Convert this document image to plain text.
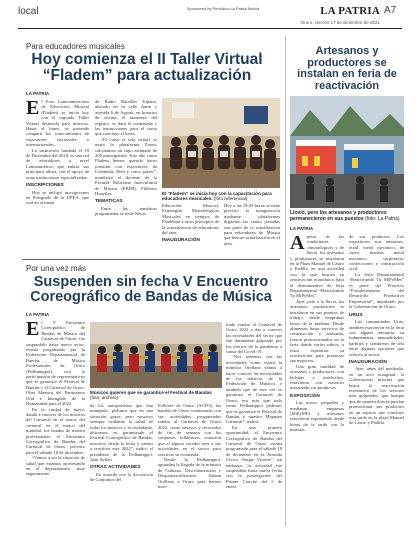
local	Sponsored by Periódico La Patria Bolivia	LA PATRIA A7
Oruro, viernes 17 de diciembre de 2021
Para educadores musicales
Hoy comienza el II Taller Virtual
“Fladem” para actualización
LA PATRIA
E l Foro Latinoamericano de Educación Musical (Fladem) se inicia hoy con el segundo Taller Virtual destinado para músicos. Hasta el lunes, se pretende comparti los conocimientos de expositores nacionales e internacionales.

La institución fundada el 18 de Diciembre del 2018, es una red de educadores a nivel Latinoamérica, que enlaza sus principios ahora, con el apoyo de otras instituciones especializadas.

INSCRIPCIONES

Hoy se incluyó inscripciones en Postgrado de la UPEA, que está en oficinas

de Radio Batallón Topater, ubicado en la calle Junín y avenida 6 de Agosto, en horarios de oficina, el momento del registro, se dará la contraseña y las instrucciones para el curso que concluye el lunes.

“El curso es solo virtual, se usará la plataforma Zoom, calculamos un cupo estimado de 200 participantes. Este año como Fladem hemos querido hacer jornadas con expositores de Colombia, Perú y otros países”, manifestó el docente de la Escuela Boliviana Intercultural de Música (EBIM), Filiberto Huayllas.

TEMATICAS

Entre las temáticas programadas se tiene Neuro

El “Fladem” se inicia hoy con la capacitación para educadores musicales. (foto referencial)

Educación Musical, Estrategias Metodológicas Musicales en tiempos de Pandemia y otros principios de la actualización de educadores del área.

INAUGURACIÓN

Hoy a las 18:45 horas se tiene previsto la inauguración mediante plataformas digitales, las cuatro jornadas son parte de la actualización para educadores de Música que buscan actualización en el área.

Por una vez más
Suspenden sin fecha V Encuentro
Coreográfico de Bandas de Música
LA PATRIA
E l V Encuentro Coreográfico de Bandas de Música del Carnaval de Oruro, fue suspendido hasta nuevo aviso, evento programado por la Federación Departamental de Bandas de Música Profesionales de Oruro (Fedbamppol), con la participación de representativos que se garantice el Festival de Bandas y el Carnaval de Oruro, Obra Maestra del Patrimonio Oral e Intangible de la Humanidad para el 2022.

En la ciudad de mayo, dando a conocer de los musicos del Carnaval en el marco del carnaval en el marco del mundial, los bandas de música profesionales el Encuentro Coreográfico de Bandas del Carnaval de Oruro, previsto para el sábado 18 de diciembre.

“Vamos a ver la situación de salud que estamos atravesando en el departamento, muy seguramente

Músicos quieren que se garantice el Festival de Bandas (foto: archivo)

de los transportistas que han manejado, pedimos que en una situación grave, pero nosotros siempre cuidando la salud de todos los músicos y la ciudadanía, ubicarnos en garantizado el Festival Coreográfico de Bandas, nosotros, desde la fecha y vamos a reactivar este 2022”, indicó el presidente de la Fedbamppol, Juan Ayllón.

OTRAS ACTIVIDADES

En acuerdo con la Asociación de Conjuntos del

Folklore de Oruro (ACFO), las bandas de Oruro continuarán con sus actividades programadas rumbo al Carnaval de Oruro 2022, como ensayos y recorridos de fin de semana con los conjuntos folklóricos, situación que el alguno sucedió ayer a sus actividades en el sector para reactivar su economía.

Desde la Fedbamppol, aguardan la llegada de la ministra de Culturas, Descolonización y Despatriarcalización, Sabina Orellana a Oruro para hemos mos-

trado rumbo al Carnaval de Oruro 2022 y dar a conocer las necesidades del sector que fue duramente golpeado por los efectos de la pandemia a causa del Covid-19.

“Nos tenemos con las actividades como estará la ministra Orellana vamos a hacer conocer las necesidades de los músicos de la Federación de Músicos y también que de esta vez se garantiza el Carnaval de Oruro, eso más que todo como Fedbamppol pedimos que se garantice el Festival de Bandas y nuestro Mágnum Carnaval”, indicó.

En una primera oportunidad, el Encuentro Coreográfico de Bandas del Carnaval de Oruro estaba programado para el sábado 18 de diciembre en la Avenida Cívica “Sergio Vicente”, sin embargo, la actividad fue suspendida hasta nueva fecha con la postergación del Primer Convite del 5 de enero.

Artesanos y productores se instalan en feria de reactivación
Llovió, pero los artesanos y productores permanecieron en sus puestos (foto: La Patria)
LA PATRIA
A pesar de las condiciones climatológicas y de lluvia, los artesanos y productores se instalaron en la Plaza Manuel de Castro y Padilla, en una actividad con la que buscan su reactivación económica, bajo el denominativo de feria Departamental “Reactivando Tu MiPyMes”.

Ayer, pese a la lluvia, los artesanos, productores se instalaron en sus puestos de trabajo, desde tempranas horas de la mañana. Desde alimentos hasta servicios de construcción y artesanía, fueron promocionados en la feria donde varios rubros, a estos esperaron su reactivación para potenciar sus negocios.

Una gran cantidad de artesanos y productores, con bolsitas y tirachiches, estuvieron con nosotros mostrando sus productos.

EXPOSICIÓN

Las micro, pequeñas y medianas empresas (MiPyME) y artesanos estuvieron exponiendo desde horas de la tarde con la muestra

de sus productos. Los expositores son artesanos, textil, metal mecánico, de cuero, madera, metal mecánico, carpintería, confecciones y construcción civil.

La feria Departamental “Reactivando Tu MiPyMes” es parte del Proyecto “Fortalecimiento del Desarrollo Productivo Empresarial”, impulsado por la Gobernación de Oruro.

URUS

Las comunidades Urus, también estuvieron en la feria con alguna artesanía, su indumentaria, manualidades, barbijos y sombreros de tela entre algunas opciones que ofrecen al sector.

INAUGURACIÓN

Ayer, antes del mediodía, en un acto inaugural, la Gobernación informa que busca la reactivación económica de los sectores más golpeados, que busque que de manera directa puedan promocionar sus productos en un espacio que concluye esta tarde en la plaza Manuel de Castro y Padilla.
